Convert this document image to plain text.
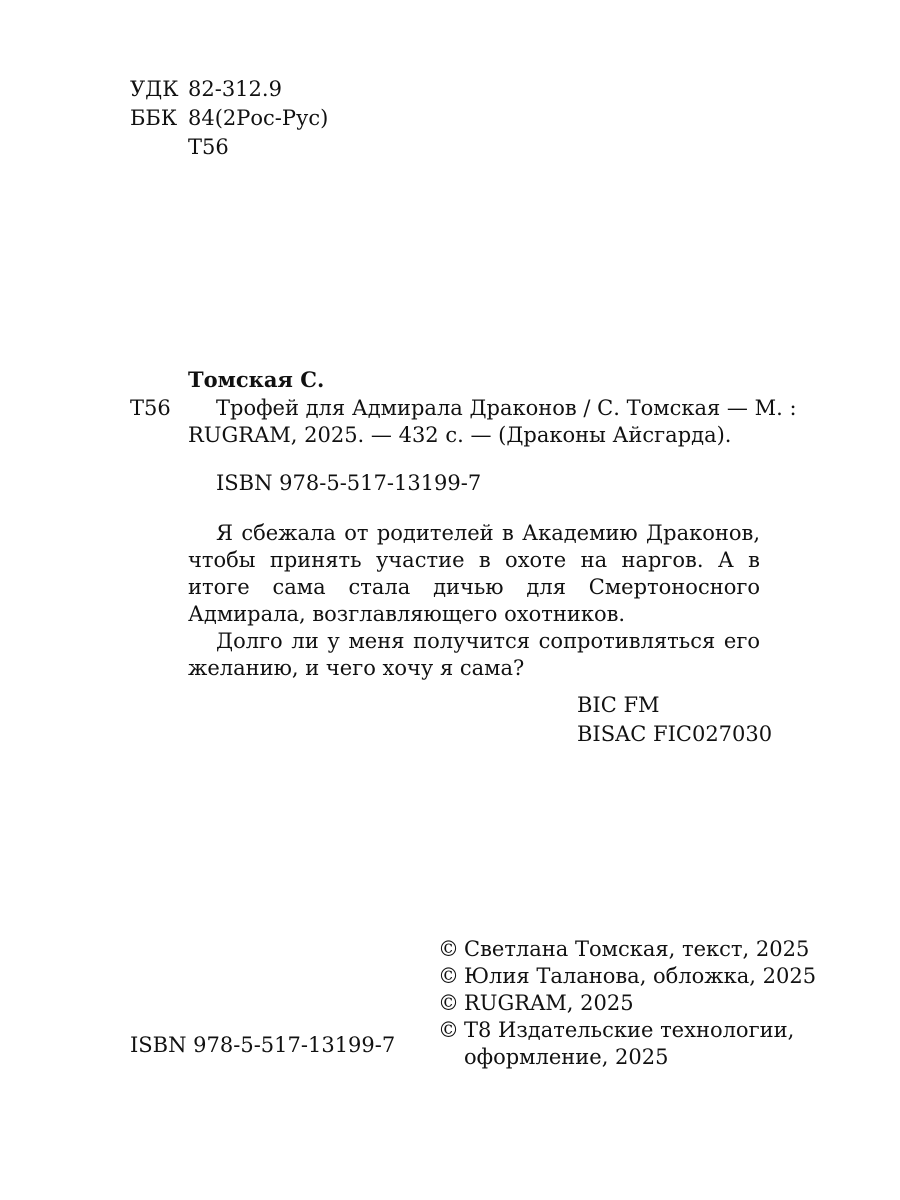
УДК 82-312.9
ББК 84(2Рос-Рус)
Т56
Томская С.
Т56	Трофей для Адмирала Драконов / С. Томская — М. :
RUGRAM, 2025. — 432 с. — (Драконы Айсгарда).
ISBN 978-5-517-13199-7

Я сбежала от родителей в Академию Драконов, чтобы принять участие в охоте на наргов. А в итоге сама стала дичью для Смертоносного Адмирала, возглавляющего охотников.

Долго ли у меня получится сопротивляться его желанию, и чего хочу я сама?

BIC FM
BISAC FIC027030
© Светлана Томская, текст, 2025
© Юлия Таланова, обложка, 2025
© RUGRAM, 2025
© Т8 Издательские технологии,
оформление, 2025
ISBN 978-5-517-13199-7
